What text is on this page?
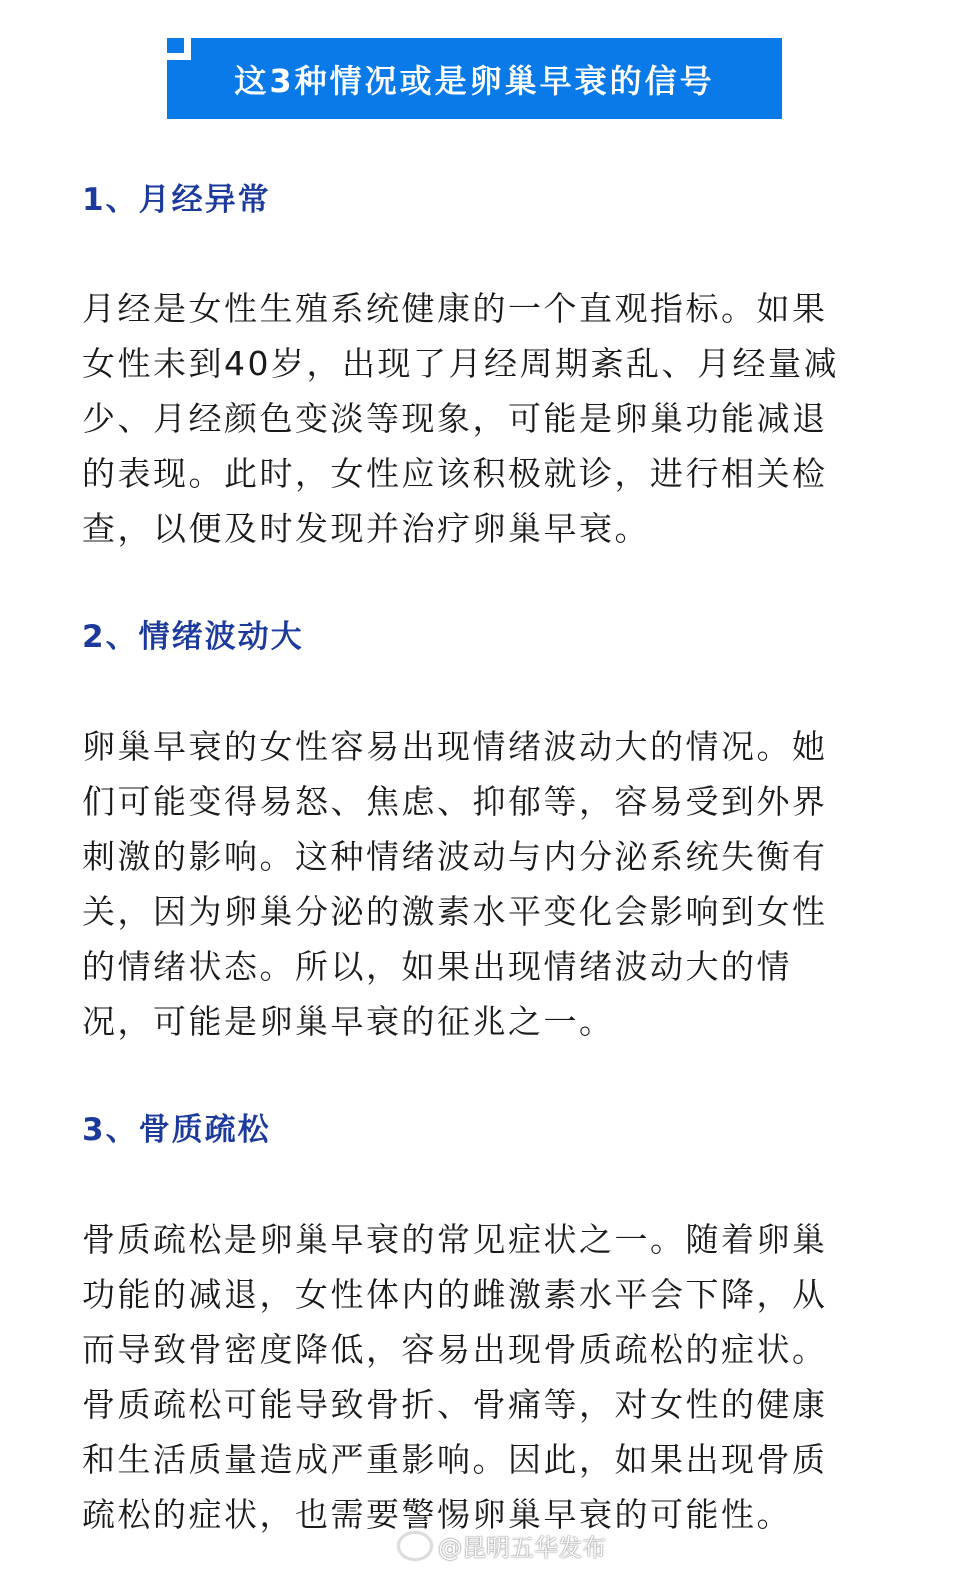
这3种情况或是卵巢早衰的信号
1、月经异常
月经是女性生殖系统健康的一个直观指标。如果
女性未到40岁，出现了月经周期紊乱、月经量减
少、月经颜色变淡等现象，可能是卵巢功能减退
的表现。此时，女性应该积极就诊，进行相关检
查，以便及时发现并治疗卵巢早衰。
2、情绪波动大
卵巢早衰的女性容易出现情绪波动大的情况。她
们可能变得易怒、焦虑、抑郁等，容易受到外界
刺激的影响。这种情绪波动与内分泌系统失衡有
关，因为卵巢分泌的激素水平变化会影响到女性
的情绪状态。所以，如果出现情绪波动大的情
况，可能是卵巢早衰的征兆之一。
3、骨质疏松
骨质疏松是卵巢早衰的常见症状之一。随着卵巢
功能的减退，女性体内的雌激素水平会下降，从
而导致骨密度降低，容易出现骨质疏松的症状。
骨质疏松可能导致骨折、骨痛等，对女性的健康
和生活质量造成严重影响。因此，如果出现骨质
疏松的症状，也需要警惕卵巢早衰的可能性。
@昆明五华发布
